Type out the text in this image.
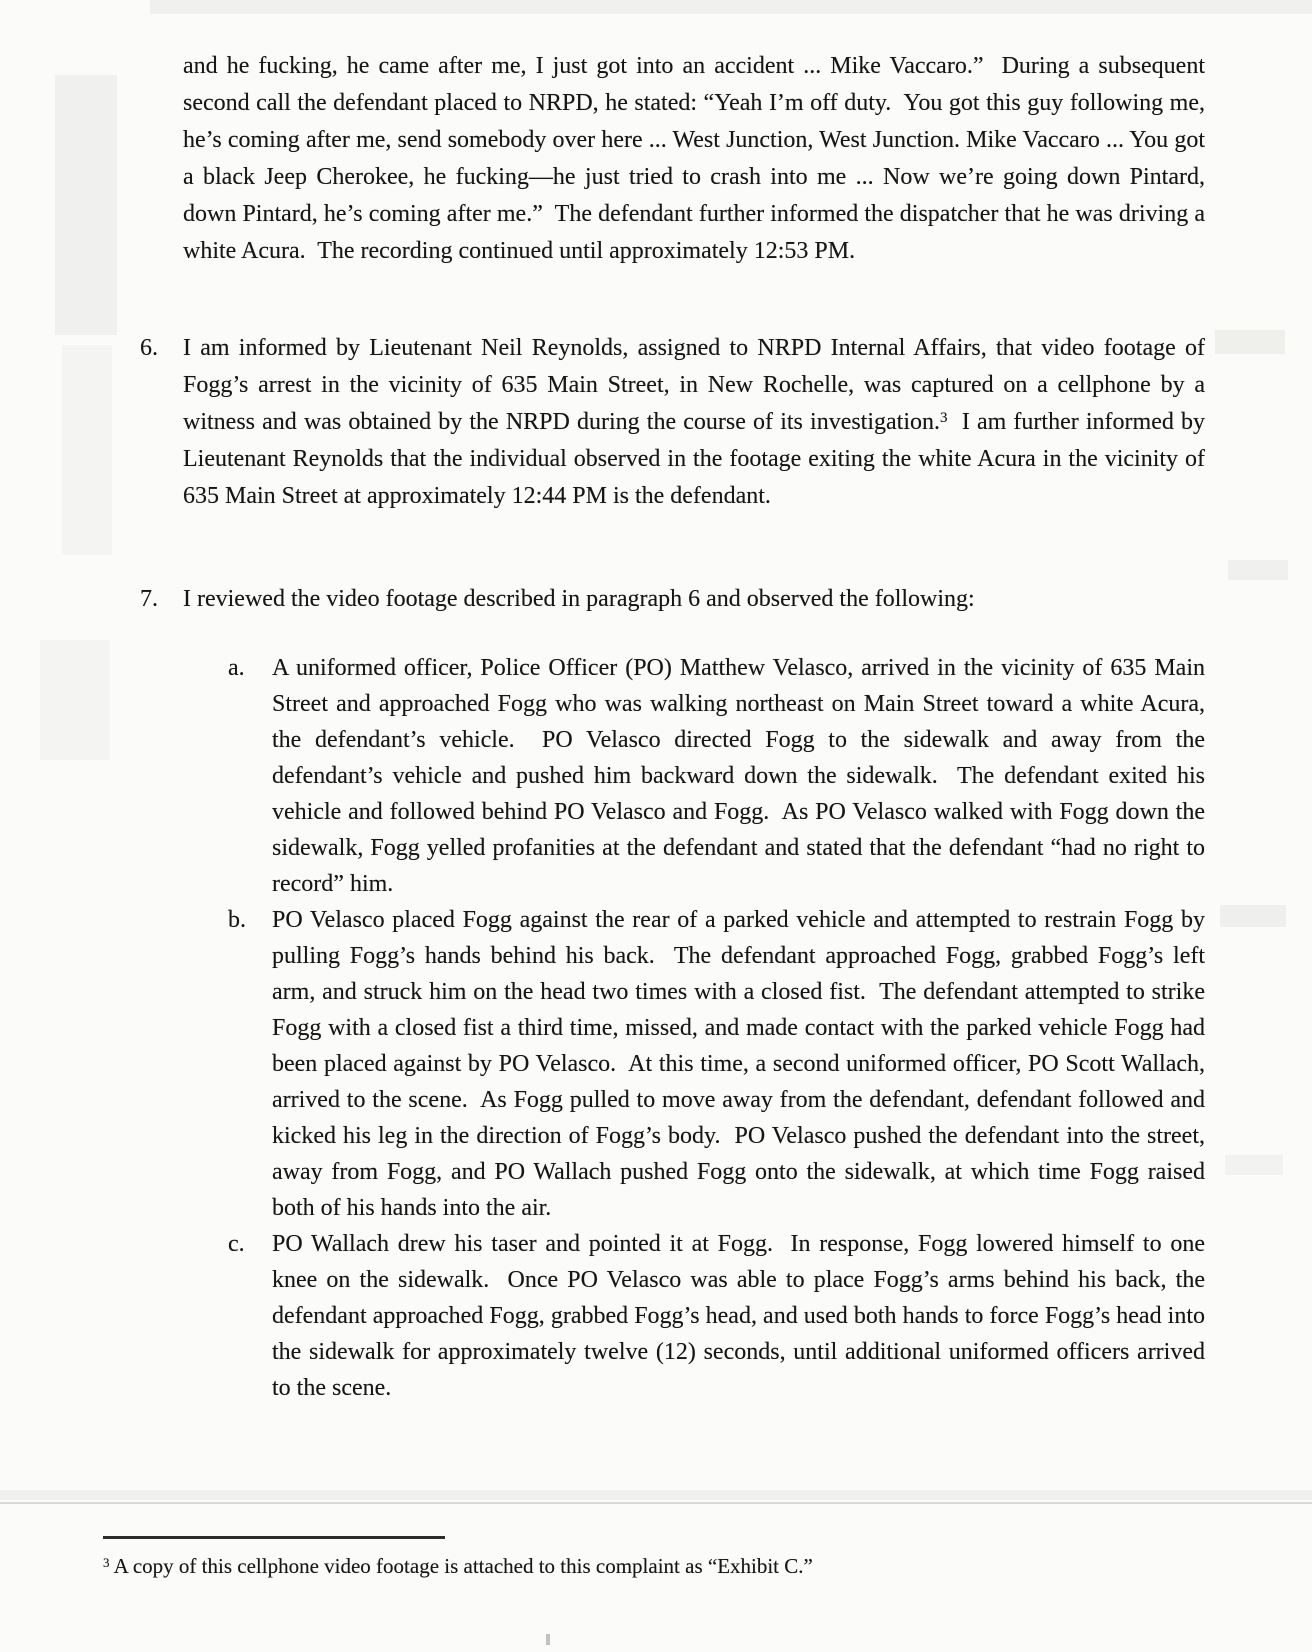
and he fucking, he came after me, I just got into an accident ... Mike Vaccaro.”  During a subsequent second call the defendant placed to NRPD, he stated: “Yeah I’m off duty.  You got this guy following me, he’s coming after me, send somebody over here ... West Junction, West Junction. Mike Vaccaro ... You got a black Jeep Cherokee, he fucking—he just tried to crash into me ... Now we’re going down Pintard, down Pintard, he’s coming after me.”  The defendant further informed the dispatcher that he was driving a white Acura.  The recording continued until approximately 12:53 PM.
6.	I am informed by Lieutenant Neil Reynolds, assigned to NRPD Internal Affairs, that video footage of Fogg’s arrest in the vicinity of 635 Main Street, in New Rochelle, was captured on a cellphone by a witness and was obtained by the NRPD during the course of its investigation.$^3$  I am further informed by Lieutenant Reynolds that the individual observed in the footage exiting the white Acura in the vicinity of 635 Main Street at approximately 12:44 PM is the defendant.
7.	I reviewed the video footage described in paragraph 6 and observed the following:
a.	A uniformed officer, Police Officer (PO) Matthew Velasco, arrived in the vicinity of 635 Main Street and approached Fogg who was walking northeast on Main Street toward a white Acura, the defendant’s vehicle.  PO Velasco directed Fogg to the sidewalk and away from the defendant’s vehicle and pushed him backward down the sidewalk.  The defendant exited his vehicle and followed behind PO Velasco and Fogg.  As PO Velasco walked with Fogg down the sidewalk, Fogg yelled profanities at the defendant and stated that the defendant “had no right to record” him.
b.	PO Velasco placed Fogg against the rear of a parked vehicle and attempted to restrain Fogg by pulling Fogg’s hands behind his back.  The defendant approached Fogg, grabbed Fogg’s left arm, and struck him on the head two times with a closed fist.  The defendant attempted to strike Fogg with a closed fist a third time, missed, and made contact with the parked vehicle Fogg had been placed against by PO Velasco.  At this time, a second uniformed officer, PO Scott Wallach, arrived to the scene.  As Fogg pulled to move away from the defendant, defendant followed and kicked his leg in the direction of Fogg’s body.  PO Velasco pushed the defendant into the street, away from Fogg, and PO Wallach pushed Fogg onto the sidewalk, at which time Fogg raised both of his hands into the air.
c.	PO Wallach drew his taser and pointed it at Fogg.  In response, Fogg lowered himself to one knee on the sidewalk.  Once PO Velasco was able to place Fogg’s arms behind his back, the defendant approached Fogg, grabbed Fogg’s head, and used both hands to force Fogg’s head into the sidewalk for approximately twelve (12) seconds, until additional uniformed officers arrived to the scene.
$^3$ A copy of this cellphone video footage is attached to this complaint as “Exhibit C.”
